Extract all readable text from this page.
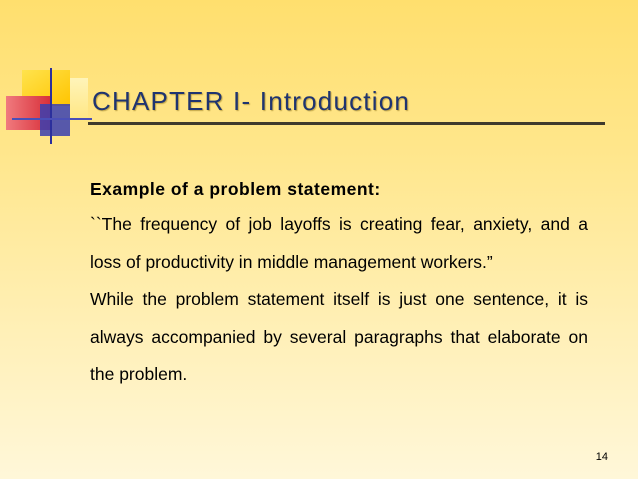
CHAPTER I- Introduction

Example of a problem statement:

``The frequency of job layoffs is creating fear, anxiety, and a loss of productivity in middle management workers.”

While the problem statement itself is just one sentence, it is always accompanied by several paragraphs that elaborate on the problem.

14
